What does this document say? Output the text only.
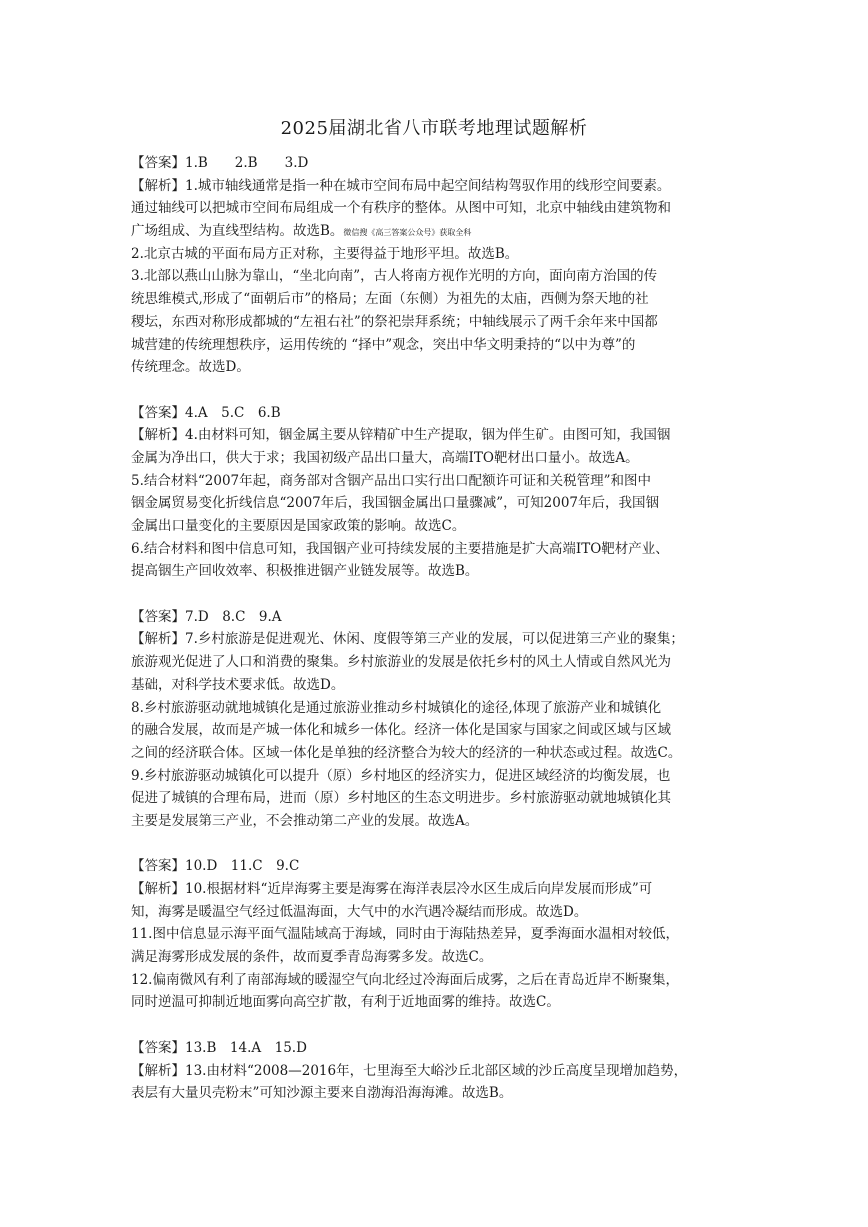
2025届湖北省八市联考地理试题解析
【答案】1.B　　2.B　　3.D
【解析】1.城市轴线通常是指一种在城市空间布局中起空间结构驾驭作用的线形空间要素。
通过轴线可以把城市空间布局组成一个有秩序的整体。从图中可知，北京中轴线由建筑物和
广场组成、为直线型结构。故选B。微信搜《高三答案公众号》获取全科
2.北京古城的平面布局方正对称，主要得益于地形平坦。故选B。
3.北部以燕山山脉为靠山，“坐北向南”，古人将南方视作光明的方向，面向南方治国的传
统思维模式,形成了“面朝后市”的格局；左面（东侧）为祖先的太庙，西侧为祭天地的社
稷坛，东西对称形成都城的“左祖右社”的祭祀崇拜系统；中轴线展示了两千余年来中国都
城营建的传统理想秩序，运用传统的 “择中”观念，突出中华文明秉持的“以中为尊”的
传统理念。故选D。
【答案】4.A　5.C　6.B
【解析】4.由材料可知，铟金属主要从锌精矿中生产提取，铟为伴生矿。由图可知，我国铟
金属为净出口，供大于求；我国初级产品出口量大，高端ITO靶材出口量小。故选A。
5.结合材料“2007年起，商务部对含铟产品出口实行出口配额许可证和关税管理”和图中
铟金属贸易变化折线信息“2007年后，我国铟金属出口量骤减”，可知2007年后，我国铟
金属出口量变化的主要原因是国家政策的影响。故选C。
6.结合材料和图中信息可知，我国铟产业可持续发展的主要措施是扩大高端ITO靶材产业、
提高铟生产回收效率、积极推进铟产业链发展等。故选B。
【答案】7.D　8.C　9.A
【解析】7.乡村旅游是促进观光、休闲、度假等第三产业的发展，可以促进第三产业的聚集；
旅游观光促进了人口和消费的聚集。乡村旅游业的发展是依托乡村的风土人情或自然风光为
基础，对科学技术要求低。故选D。
8.乡村旅游驱动就地城镇化是通过旅游业推动乡村城镇化的途径,体现了旅游产业和城镇化
的融合发展，故而是产城一体化和城乡一体化。经济一体化是国家与国家之间或区域与区域
之间的经济联合体。区域一体化是单独的经济整合为较大的经济的一种状态或过程。故选C。
9.乡村旅游驱动城镇化可以提升（原）乡村地区的经济实力，促进区域经济的均衡发展，也
促进了城镇的合理布局，进而（原）乡村地区的生态文明进步。乡村旅游驱动就地城镇化其
主要是发展第三产业，不会推动第二产业的发展。故选A。
【答案】10.D　11.C　9.C
【解析】10.根据材料“近岸海雾主要是海雾在海洋表层冷水区生成后向岸发展而形成”可
知，海雾是暖温空气经过低温海面，大气中的水汽遇冷凝结而形成。故选D。
11.图中信息显示海平面气温陆域高于海域，同时由于海陆热差异，夏季海面水温相对较低，
满足海雾形成发展的条件，故而夏季青岛海雾多发。故选C。
12.偏南微风有利了南部海域的暖湿空气向北经过冷海面后成雾，之后在青岛近岸不断聚集，
同时逆温可抑制近地面雾向高空扩散，有利于近地面雾的维持。故选C。
【答案】13.B　14.A　15.D
【解析】13.由材料“2008—2016年，七里海至大峪沙丘北部区域的沙丘高度呈现增加趋势，
表层有大量贝壳粉末”可知沙源主要来自渤海沿海海滩。故选B。
